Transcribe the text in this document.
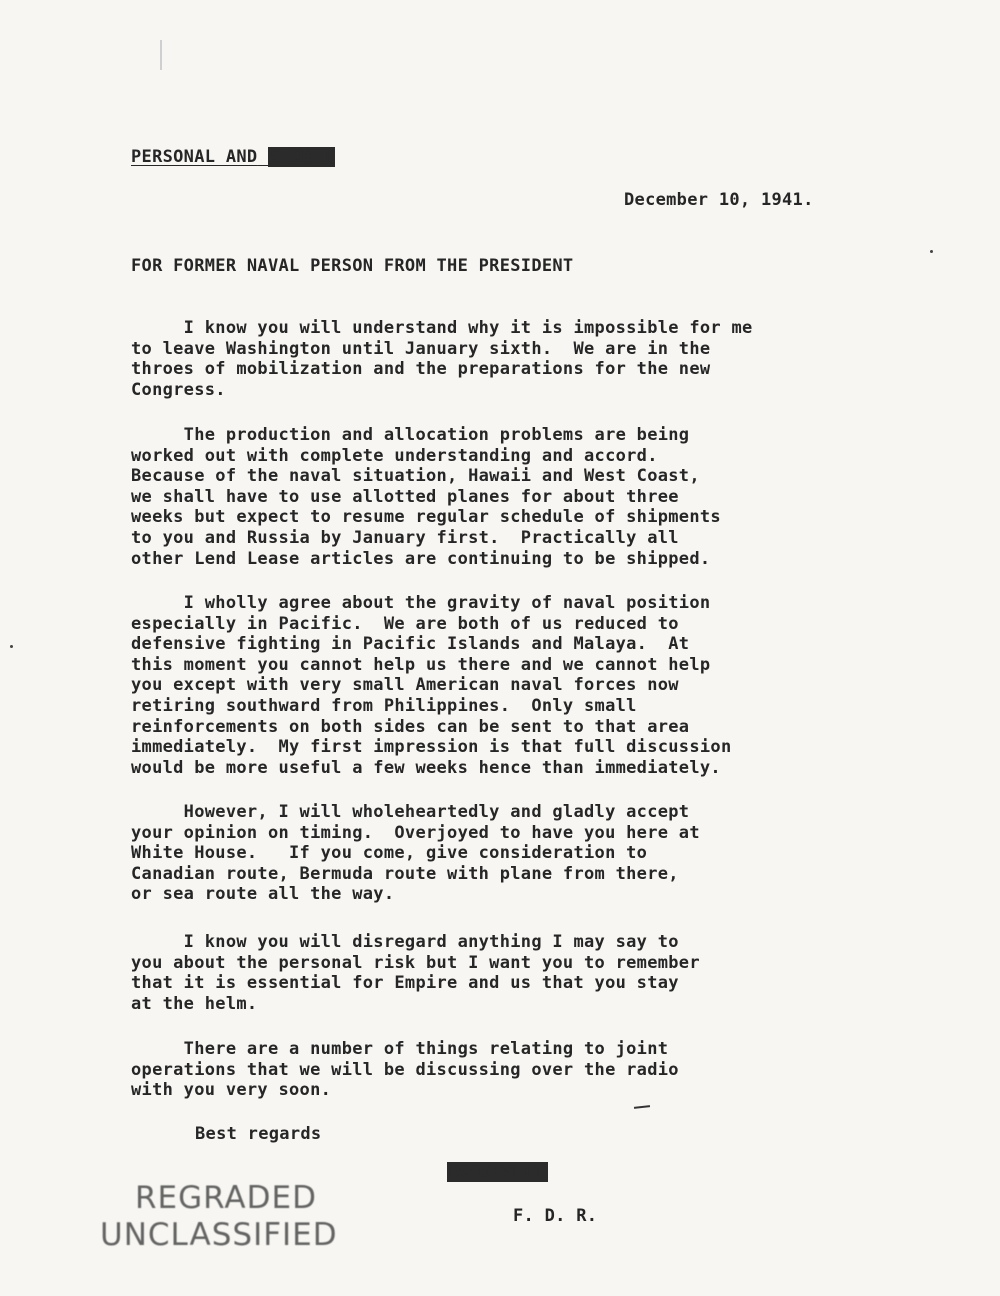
PERSONAL AND SECRET
December 10, 1941.
FOR FORMER NAVAL PERSON FROM THE PRESIDENT
I know you will understand why it is impossible for me
to leave Washington until January sixth.  We are in the
throes of mobilization and the preparations for the new
Congress.
The production and allocation problems are being
worked out with complete understanding and accord.
Because of the naval situation, Hawaii and West Coast,
we shall have to use allotted planes for about three
weeks but expect to resume regular schedule of shipments
to you and Russia by January first.  Practically all
other Lend Lease articles are continuing to be shipped.
I wholly agree about the gravity of naval position
especially in Pacific.  We are both of us reduced to
defensive fighting in Pacific Islands and Malaya.  At
this moment you cannot help us there and we cannot help
you except with very small American naval forces now
retiring southward from Philippines.  Only small
reinforcements on both sides can be sent to that area
immediately.  My first impression is that full discussion
would be more useful a few weeks hence than immediately.
However, I will wholeheartedly and gladly accept
your opinion on timing.  Overjoyed to have you here at
White House.   If you come, give consideration to
Canadian route, Bermuda route with plane from there,
or sea route all the way.
I know you will disregard anything I may say to
you about the personal risk but I want you to remember
that it is essential for Empire and us that you stay
at the helm.
There are a number of things relating to joint
operations that we will be discussing over the radio
with you very soon.
Best regards
ROOSEVELT
F. D. R.
REGRADED
UNCLASSIFIED
